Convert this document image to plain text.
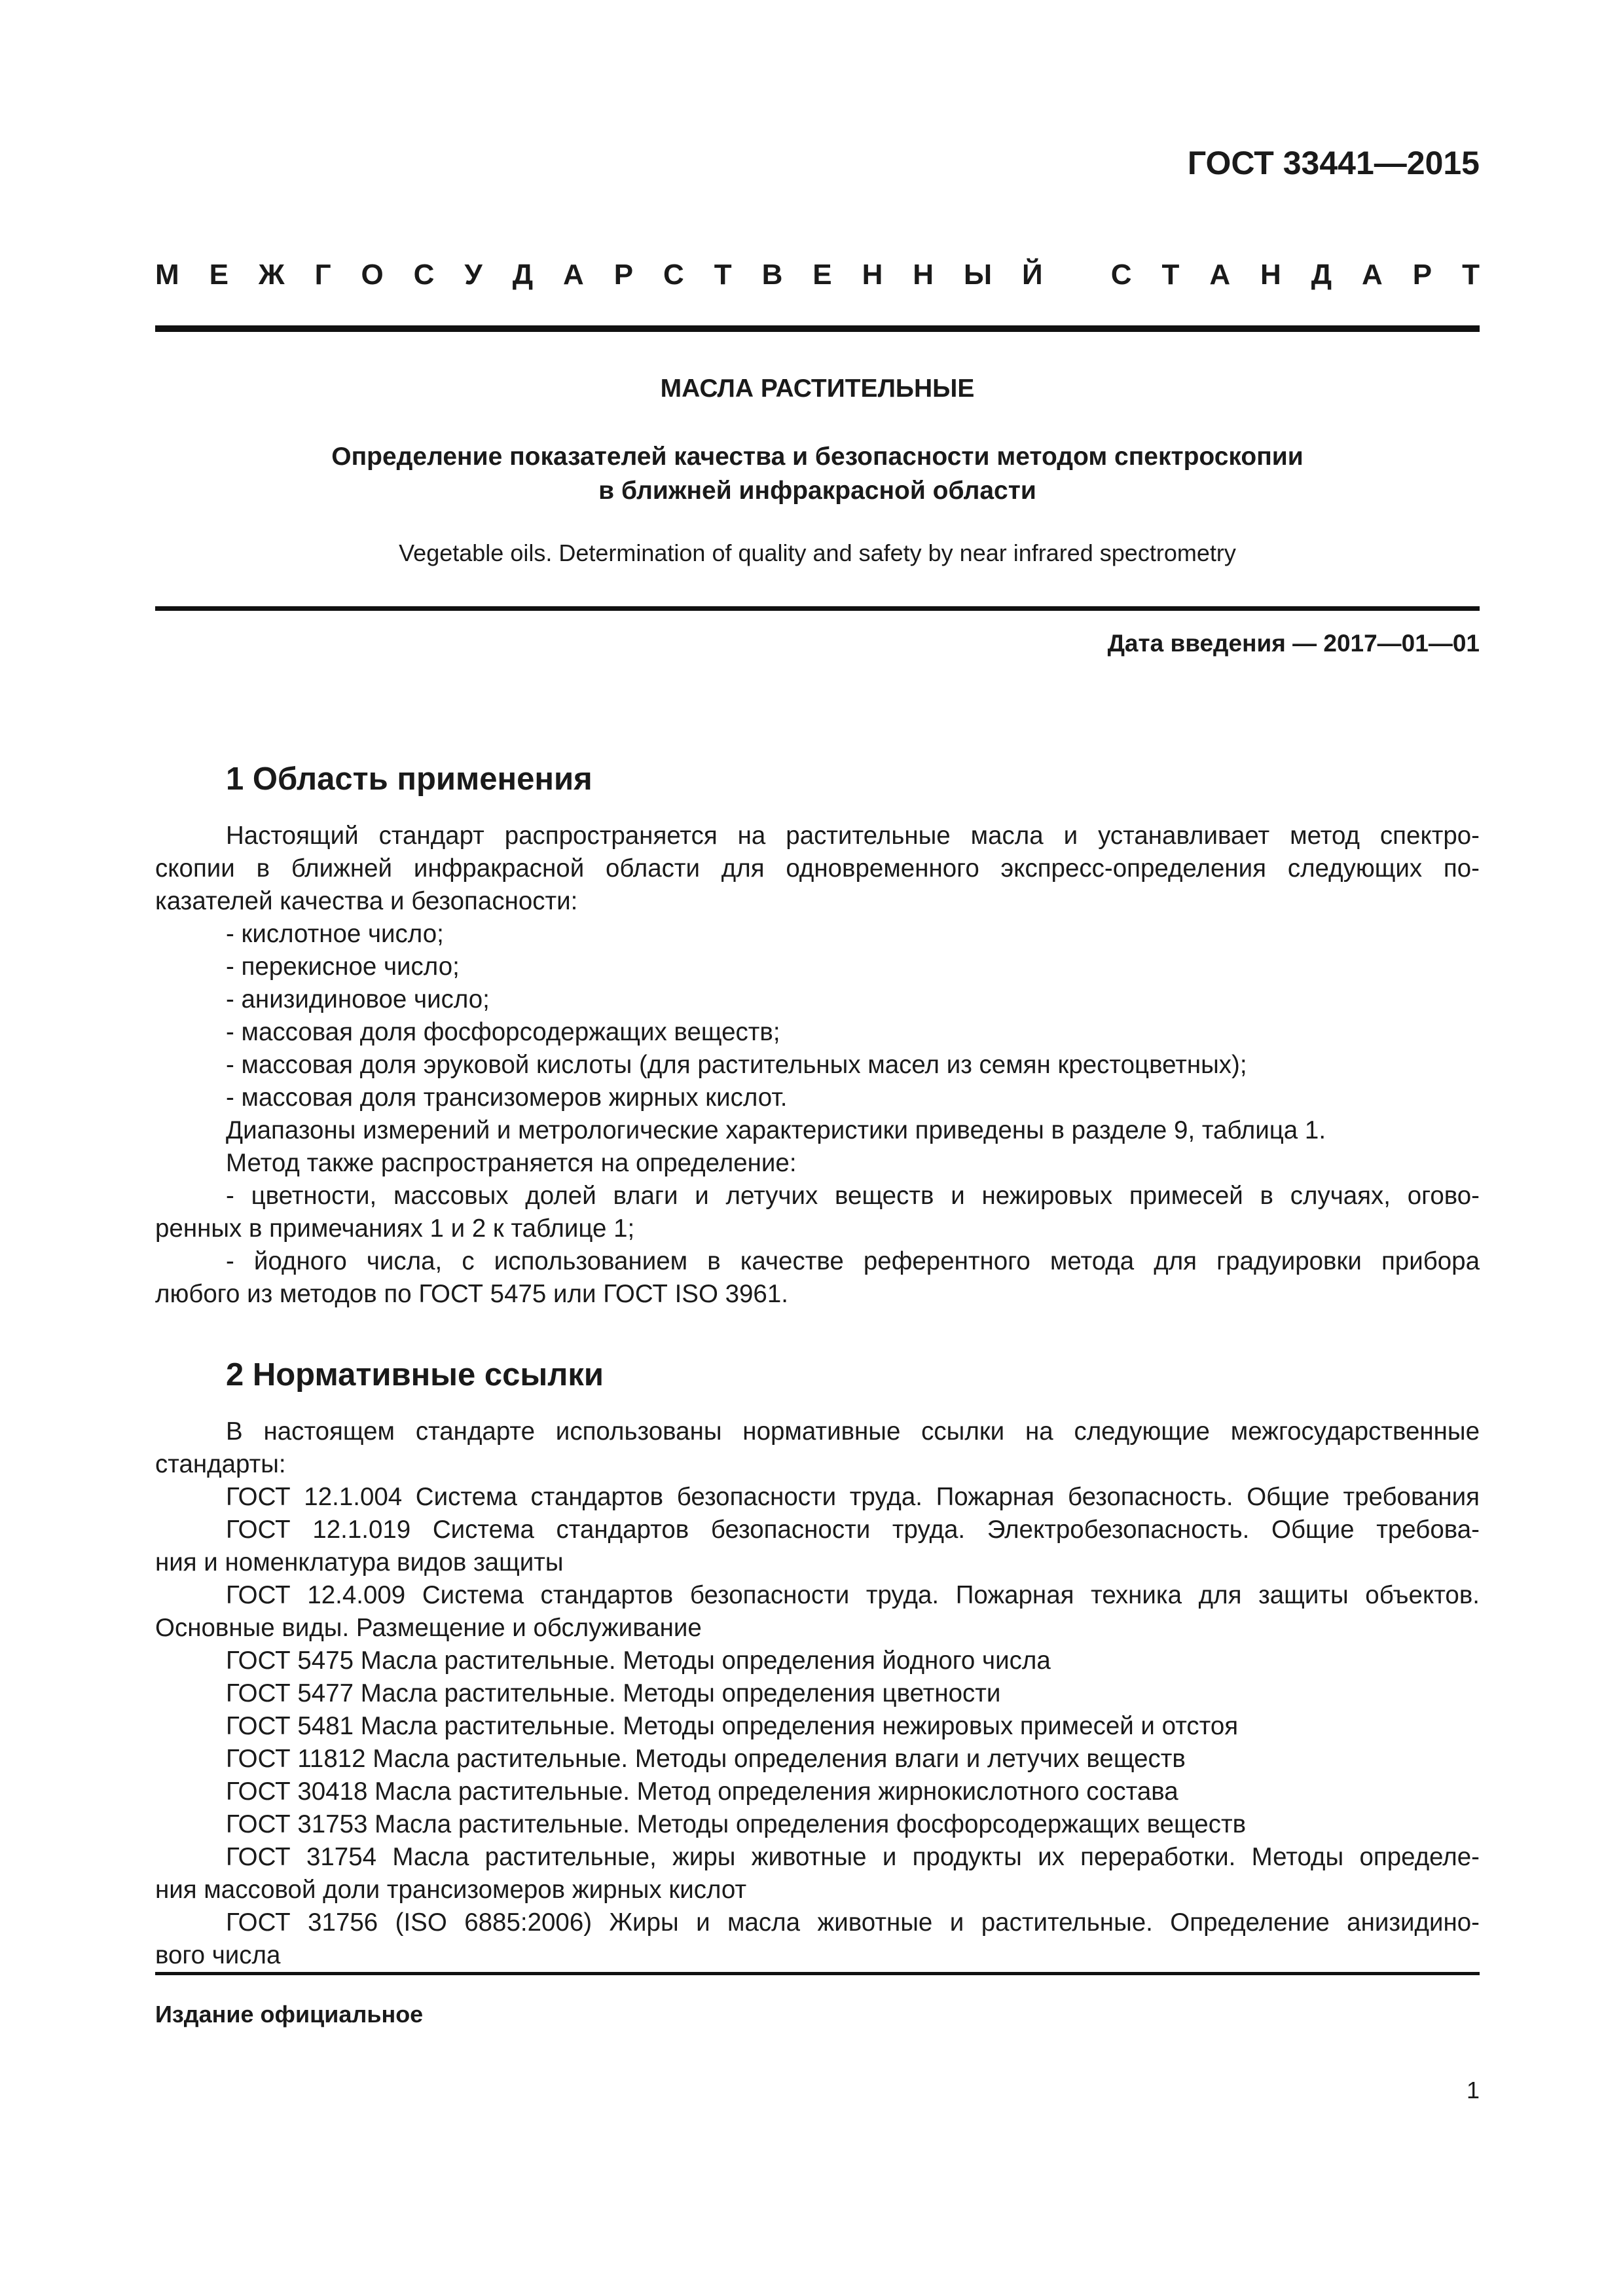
ГОСТ 33441—2015
М Е Ж Г О С У Д А Р С Т В Е Н Н Ы Й
С Т А Н Д А Р Т
МАСЛА РАСТИТЕЛЬНЫЕ
Определение показателей качества и безопасности методом спектроскопии
в ближней инфракрасной области
Vegetable oils. Determination of quality and safety by near infrared spectrometry
Дата введения — 2017—01—01
1 Область применения
Настоящий стандарт распространяется на растительные масла и устанавливает метод спектро-
скопии в ближней инфракрасной области для одновременного экспресс-определения следующих по-
казателей качества и безопасности:
- кислотное число;
- перекисное число;
- анизидиновое число;
- массовая доля фосфорсодержащих веществ;
- массовая доля эруковой кислоты (для растительных масел из семян крестоцветных);
- массовая доля трансизомеров жирных кислот.
Диапазоны измерений и метрологические характеристики приведены в разделе 9, таблица 1.
Метод также распространяется на определение:
- цветности, массовых долей влаги и летучих веществ и нежировых примесей в случаях, огово-
ренных в примечаниях 1 и 2 к таблице 1;
- йодного числа, с использованием в качестве референтного метода для градуировки прибора
любого из методов по ГОСТ 5475 или ГОСТ ISO 3961.
2 Нормативные ссылки
В настоящем стандарте использованы нормативные ссылки на следующие межгосударственные
стандарты:
ГОСТ 12.1.004 Система стандартов безопасности труда. Пожарная безопасность. Общие требования
ГОСТ 12.1.019 Система стандартов безопасности труда. Электробезопасность. Общие требова-
ния и номенклатура видов защиты
ГОСТ 12.4.009 Система стандартов безопасности труда. Пожарная техника для защиты объектов.
Основные виды. Размещение и обслуживание
ГОСТ 5475 Масла растительные. Методы определения йодного числа
ГОСТ 5477 Масла растительные. Методы определения цветности
ГОСТ 5481 Масла растительные. Методы определения нежировых примесей и отстоя
ГОСТ 11812 Масла растительные. Методы определения влаги и летучих веществ
ГОСТ 30418 Масла растительные. Метод определения жирнокислотного состава
ГОСТ 31753 Масла растительные. Методы определения фосфорсодержащих веществ
ГОСТ 31754 Масла растительные, жиры животные и продукты их переработки. Методы определе-
ния массовой доли трансизомеров жирных кислот
ГОСТ 31756 (ISO 6885:2006) Жиры и масла животные и растительные. Определение анизидино-
вого числа
Издание официальное
1
